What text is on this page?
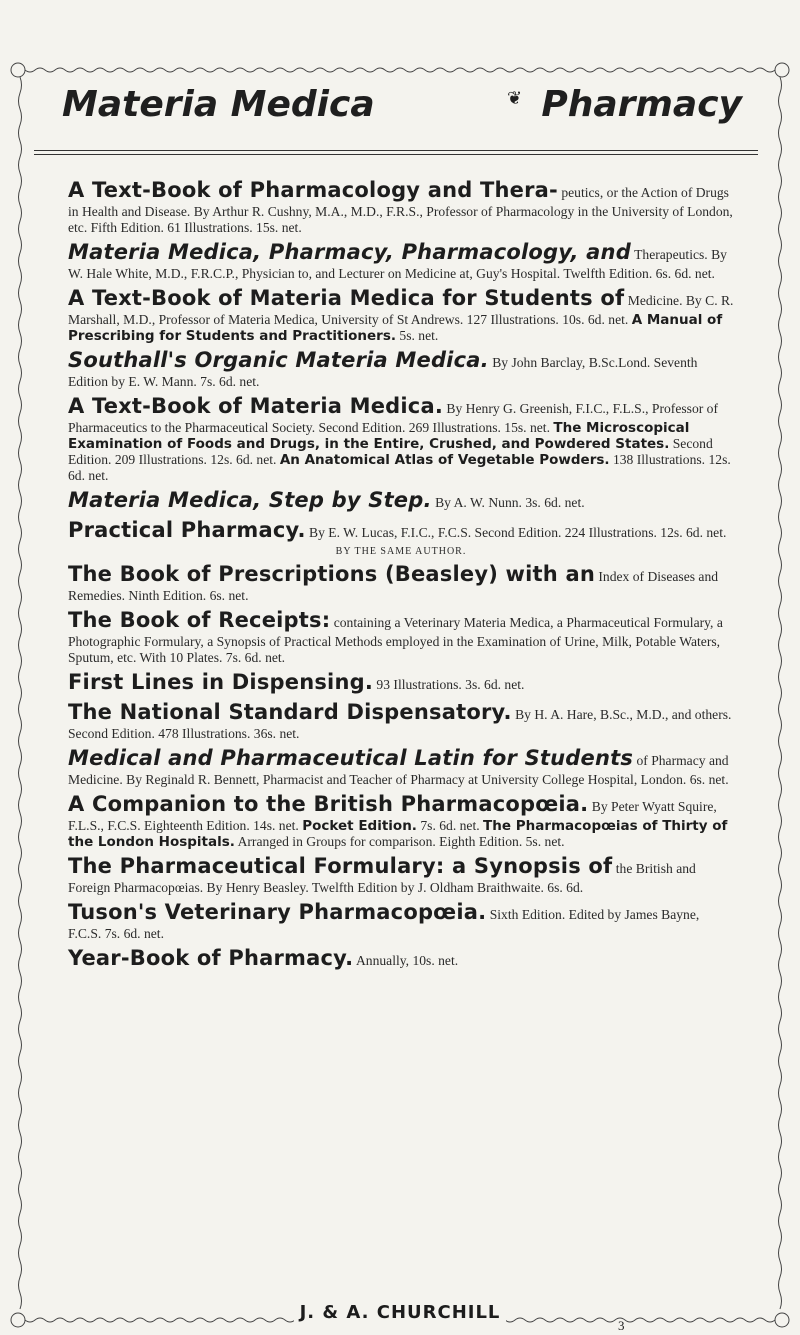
Materia Medica	❦ Pharmacy
A Text-Book of Pharmacology and Thera- peutics, or the Action of Drugs in Health and Disease. By Arthur R. Cushny, M.A., M.D., F.R.S., Professor of Pharmacology in the University of London, etc. Fifth Edition. 61 Illustrations. 15s. net.
Materia Medica, Pharmacy, Pharmacology, and Therapeutics. By W. Hale White, M.D., F.R.C.P., Physician to, and Lecturer on Medicine at, Guy's Hospital. Twelfth Edition. 6s. 6d. net.
A Text-Book of Materia Medica for Students of Medicine. By C. R. Marshall, M.D., Professor of Materia Medica, University of St Andrews. 127 Illustrations. 10s. 6d. net. A Manual of Prescribing for Students and Practitioners. 5s. net.
Southall's Organic Materia Medica. By John Barclay, B.Sc.Lond. Seventh Edition by E. W. Mann. 7s. 6d. net.
A Text-Book of Materia Medica. By Henry G. Greenish, F.I.C., F.L.S., Professor of Pharmaceutics to the Pharmaceutical Society. Second Edition. 269 Illustrations. 15s. net. The Microscopical Examination of Foods and Drugs, in the Entire, Crushed, and Powdered States. Second Edition. 209 Illustrations. 12s. 6d. net. An Anatomical Atlas of Vegetable Powders. 138 Illustrations. 12s. 6d. net.
Materia Medica, Step by Step. By A. W. Nunn. 3s. 6d. net.
Practical Pharmacy. By E. W. Lucas, F.I.C., F.C.S. Second Edition. 224 Illustrations. 12s. 6d. net.
BY THE SAME AUTHOR.
The Book of Prescriptions (Beasley) with an Index of Diseases and Remedies. Ninth Edition. 6s. net.
The Book of Receipts: containing a Veterinary Materia Medica, a Pharmaceutical Formulary, a Photographic Formulary, a Synopsis of Practical Methods employed in the Examination of Urine, Milk, Potable Waters, Sputum, etc. With 10 Plates. 7s. 6d. net.
First Lines in Dispensing. 93 Illustrations. 3s. 6d. net.
The National Standard Dispensatory. By H. A. Hare, B.Sc., M.D., and others. Second Edition. 478 Illustrations. 36s. net.
Medical and Pharmaceutical Latin for Students of Pharmacy and Medicine. By Reginald R. Bennett, Pharmacist and Teacher of Pharmacy at University College Hospital, London. 6s. net.
A Companion to the British Pharmacopœia. By Peter Wyatt Squire, F.L.S., F.C.S. Eighteenth Edition. 14s. net. Pocket Edition. 7s. 6d. net. The Pharmacopœias of Thirty of the London Hospitals. Arranged in Groups for comparison. Eighth Edition. 5s. net.
The Pharmaceutical Formulary: a Synopsis of the British and Foreign Pharmacopœias. By Henry Beasley. Twelfth Edition by J. Oldham Braithwaite. 6s. 6d.
Tuson's Veterinary Pharmacopœia. Sixth Edition. Edited by James Bayne, F.C.S. 7s. 6d. net.
Year-Book of Pharmacy. Annually, 10s. net.
J. & A. CHURCHILL
3
